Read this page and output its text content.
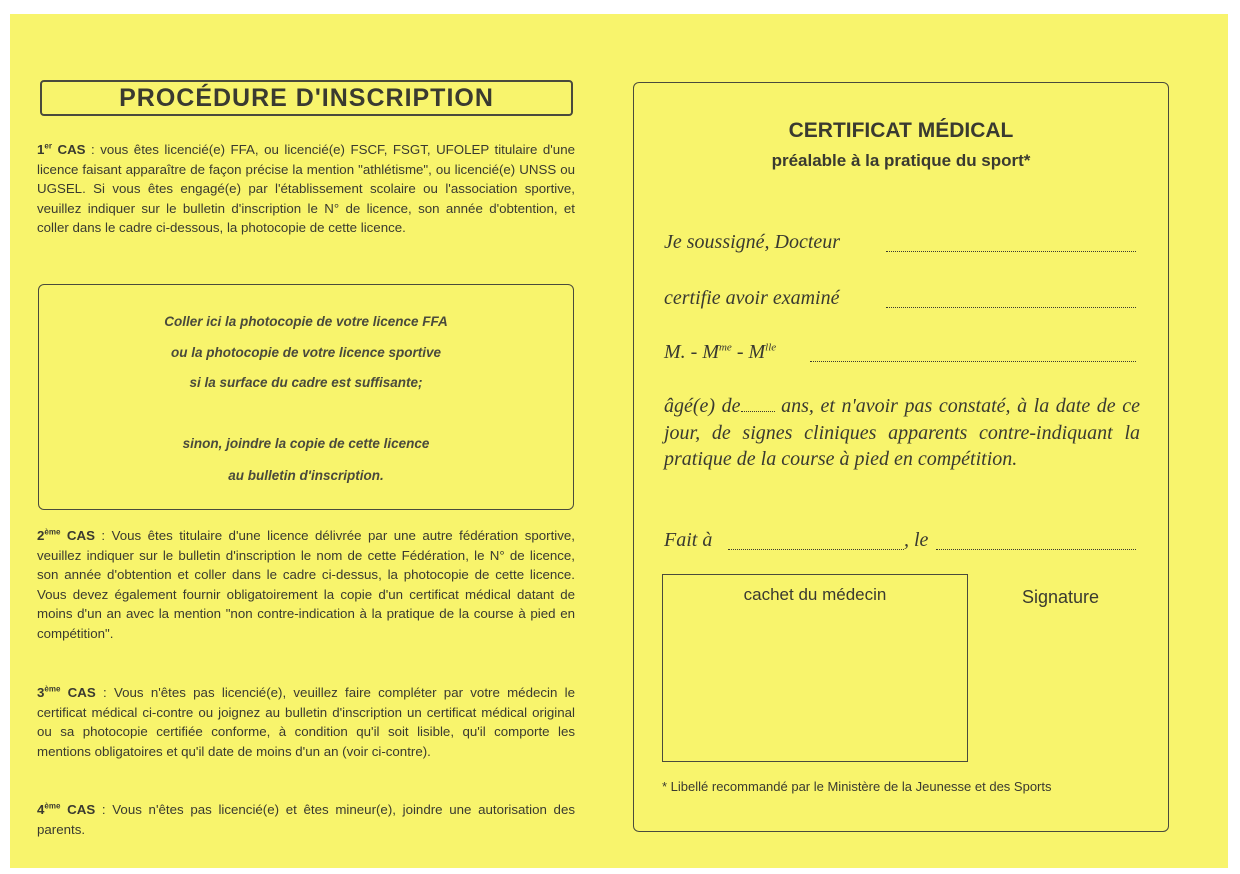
PROCÉDURE D'INSCRIPTION
1er CAS : vous êtes licencié(e) FFA, ou licencié(e) FSCF, FSGT, UFOLEP titulaire d'une licence faisant apparaître de façon précise la mention "athlétisme", ou licencié(e) UNSS ou UGSEL. Si vous êtes engagé(e) par l'établissement scolaire ou l'association sportive, veuillez indiquer sur le bulletin d'inscription le N° de licence, son année d'obtention, et coller dans le cadre ci-dessous, la photocopie de cette licence.
Coller ici la photocopie de votre licence FFA
ou la photocopie de votre licence sportive
si la surface du cadre est suffisante;
sinon, joindre la copie de cette licence
au bulletin d'inscription.
2ème CAS : Vous êtes titulaire d'une licence délivrée par une autre fédération sportive, veuillez indiquer sur le bulletin d'inscription le nom de cette Fédération, le N° de licence, son année d'obtention et coller dans le cadre ci-dessus, la photocopie de cette licence. Vous devez également fournir obligatoirement la copie d'un certificat médical datant de moins d'un an avec la mention "non contre-indication à la pratique de la course à pied en compétition".
3ème CAS : Vous n'êtes pas licencié(e), veuillez faire compléter par votre médecin le certificat médical ci-contre ou joignez au bulletin d'inscription un certificat médical original ou sa photocopie certifiée conforme, à condition qu'il soit lisible, qu'il comporte les mentions obligatoires et qu'il date de moins d'un an (voir ci-contre).
4ème CAS : Vous n'êtes pas licencié(e) et êtes mineur(e), joindre une autorisation des parents.
CERTIFICAT MÉDICAL
préalable à la pratique du sport*
Je soussigné, Docteur
certifie avoir examiné
M. - $M^{me} - M^{lle}$
âgé(e) de ans, et n'avoir pas constaté, à la date de ce jour, de signes cliniques apparents contre-indiquant la pratique de la course à pied en compétition.
Fait à	, le
cachet du médecin	Signature
* Libellé recommandé par le Ministère de la Jeunesse et des Sports
